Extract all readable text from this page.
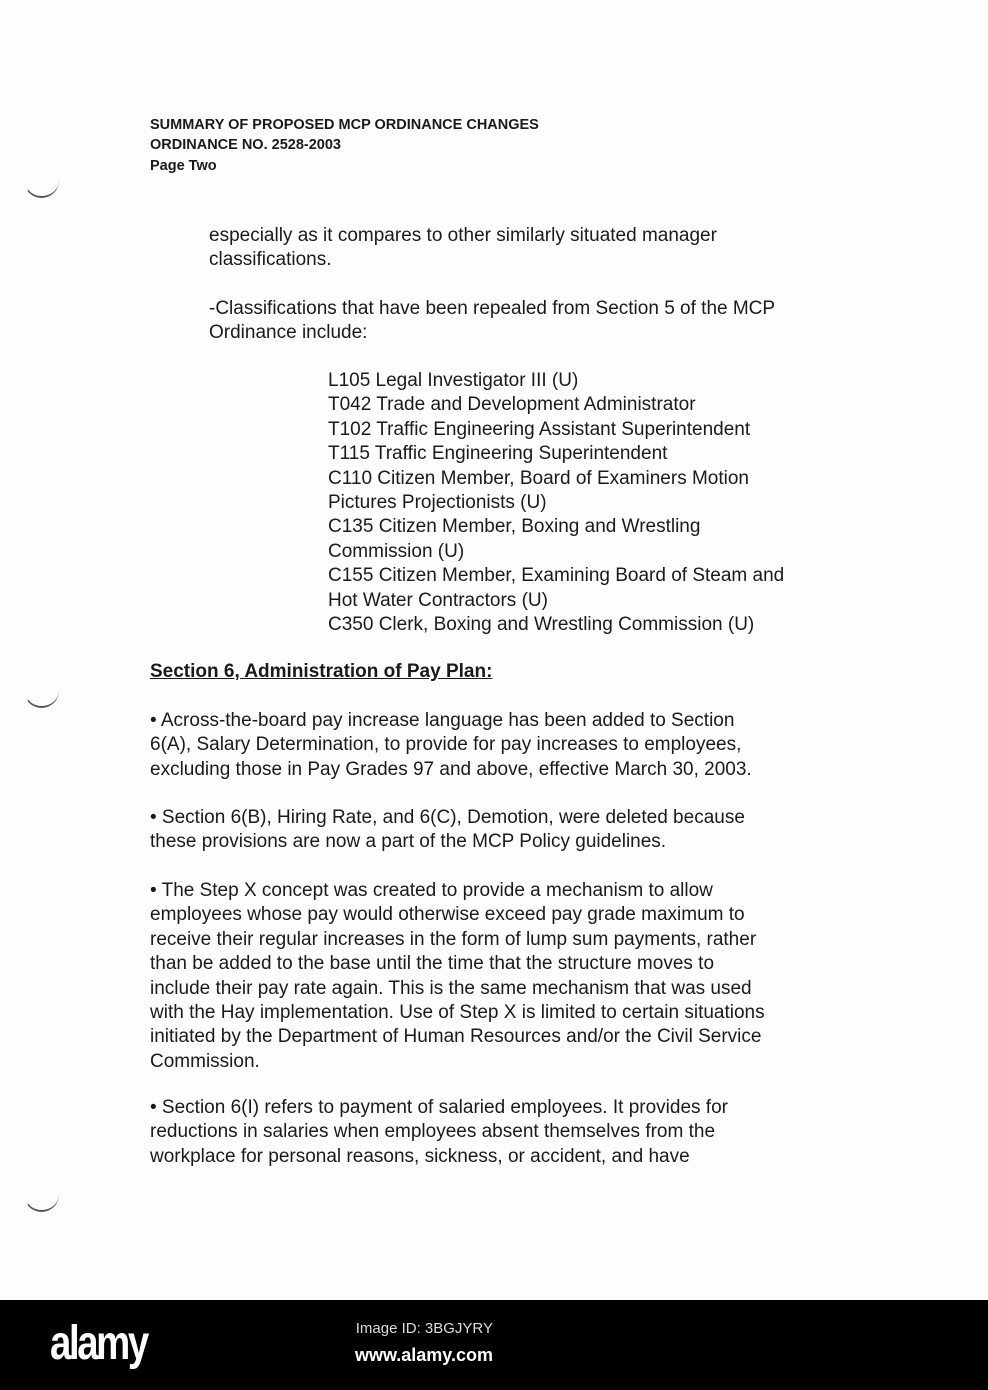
SUMMARY OF PROPOSED MCP ORDINANCE CHANGES
ORDINANCE NO. 2528-2003
Page Two
especially as it compares to other similarly situated manager
classifications.
-Classifications that have been repealed from Section 5 of the MCP
Ordinance include:
L105 Legal Investigator III (U)
T042 Trade and Development Administrator
T102 Traffic Engineering Assistant Superintendent
T115 Traffic Engineering Superintendent
C110 Citizen Member, Board of Examiners Motion
Pictures Projectionists (U)
C135 Citizen Member, Boxing and Wrestling
Commission (U)
C155 Citizen Member, Examining Board of Steam and
Hot Water Contractors (U)
C350 Clerk, Boxing and Wrestling Commission (U)
• Across-the-board pay increase language has been added to Section
6(A), Salary Determination, to provide for pay increases to employees,
excluding those in Pay Grades 97 and above, effective March 30, 2003.
• Section 6(B), Hiring Rate, and 6(C), Demotion, were deleted because
these provisions are now a part of the MCP Policy guidelines.
• The Step X concept was created to provide a mechanism to allow
employees whose pay would otherwise exceed pay grade maximum to
receive their regular increases in the form of lump sum payments, rather
than be added to the base until the time that the structure moves to
include their pay rate again. This is the same mechanism that was used
with the Hay implementation. Use of Step X is limited to certain situations
initiated by the Department of Human Resources and/or the Civil Service
Commission.
• Section 6(I) refers to payment of salaried employees. It provides for
reductions in salaries when employees absent themselves from the
workplace for personal reasons, sickness, or accident, and have
Section 6, Administration of Pay Plan:
alamy	Image ID: 3BGJYRY
www.alamy.com
